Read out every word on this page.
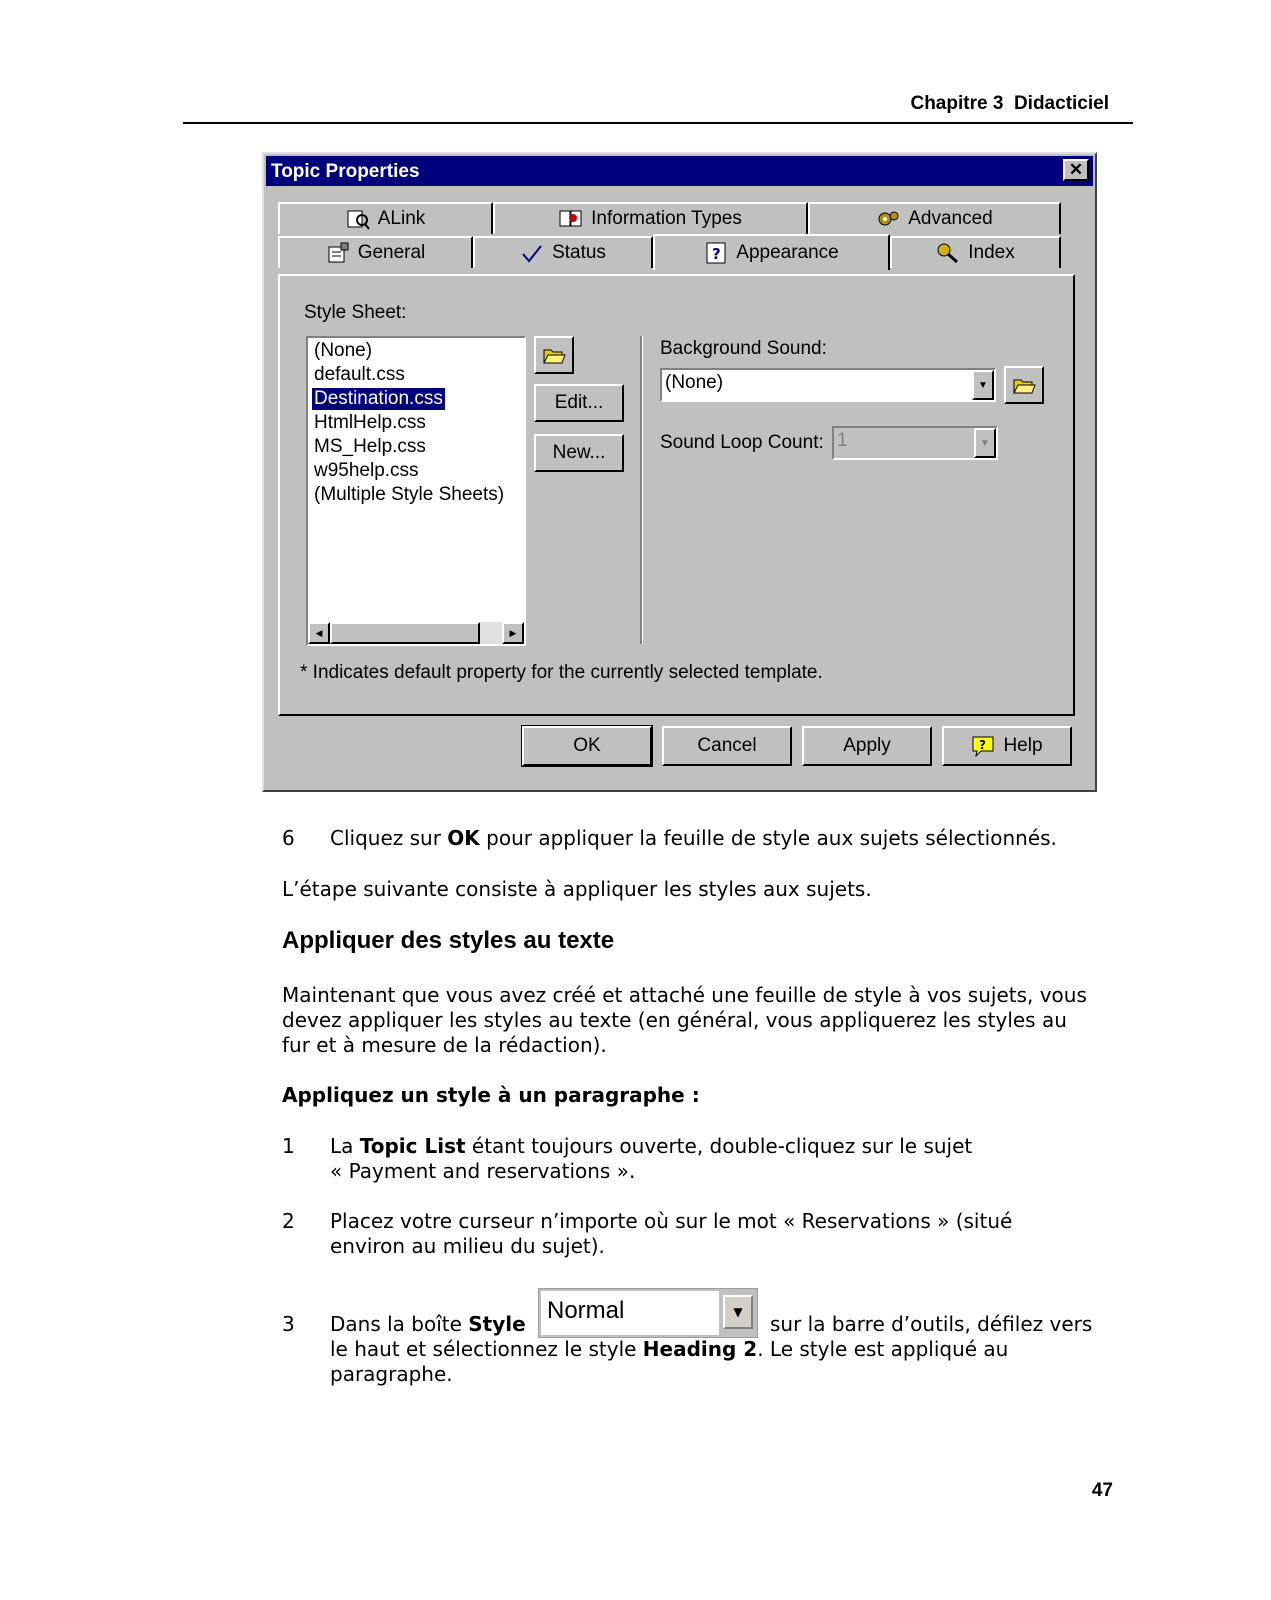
Chapitre 3 Didacticiel
Topic Properties	✕
ALink	Information Types	Advanced
General	Status	? Appearance	Index
Style Sheet:
(None)
default.css
Destination.css
HtmlHelp.css
MS_Help.css
w95help.css
(Multiple Style Sheets)
◀	▶
Edit...
New...
Background Sound:
(None)	▼
Sound Loop Count: 1	▼
* Indicates default property for the currently selected template.
OK	Cancel	Apply	? Help
6 Cliquez sur OK pour appliquer la feuille de style aux sujets sélectionnés.
L’étape suivante consiste à appliquer les styles aux sujets.
Appliquer des styles au texte
Maintenant que vous avez créé et attaché une feuille de style à vos sujets, vous
devez appliquer les styles au texte (en général, vous appliquerez les styles au
fur et à mesure de la rédaction).
Appliquez un style à un paragraphe :
1 La Topic List étant toujours ouverte, double-cliquez sur le sujet
« Payment and reservations ».
2 Placez votre curseur n’importe où sur le mot « Reservations » (situé
environ au milieu du sujet).
3 Dans la boîte Style Normal	▼	sur la barre d’outils, défilez vers
le haut et sélectionnez le style Heading 2. Le style est appliqué au
paragraphe.
47
